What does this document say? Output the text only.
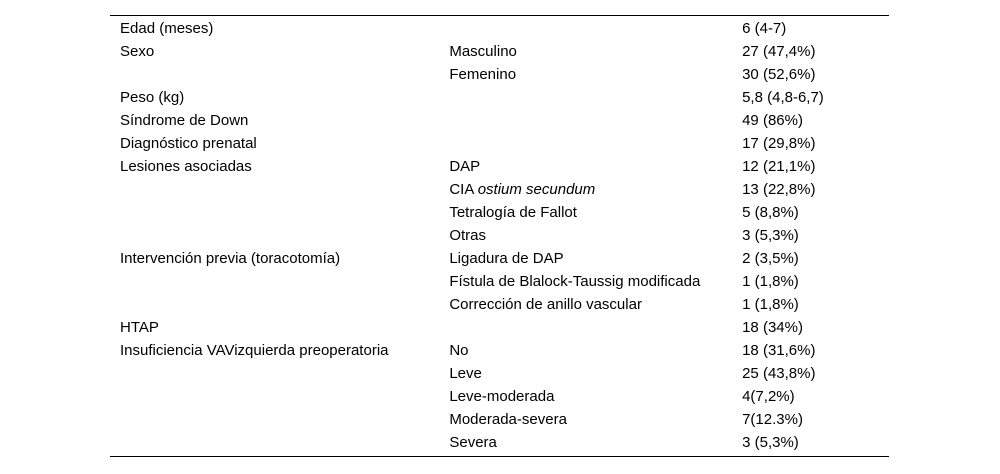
Edad (meses)		6 (4-7)
Sexo	Masculino	27 (47,4%)
	Femenino	30 (52,6%)
Peso (kg)		5,8 (4,8-6,7)
Síndrome de Down		49 (86%)
Diagnóstico prenatal		17 (29,8%)
Lesiones asociadas	DAP	12 (21,1%)
	CIA ostium secundum	13 (22,8%)
	Tetralogía de Fallot	5 (8,8%)
	Otras	3 (5,3%)
Intervención previa (toracotomía)	Ligadura de DAP	2 (3,5%)
	Fístula de Blalock-Taussig modificada	1 (1,8%)
	Corrección de anillo vascular	1 (1,8%)
HTAP		18 (34%)
Insuficiencia VAVizquierda preoperatoria	No	18 (31,6%)
	Leve	25 (43,8%)
	Leve-moderada	4(7,2%)
	Moderada-severa	7(12.3%)
	Severa	3 (5,3%)
